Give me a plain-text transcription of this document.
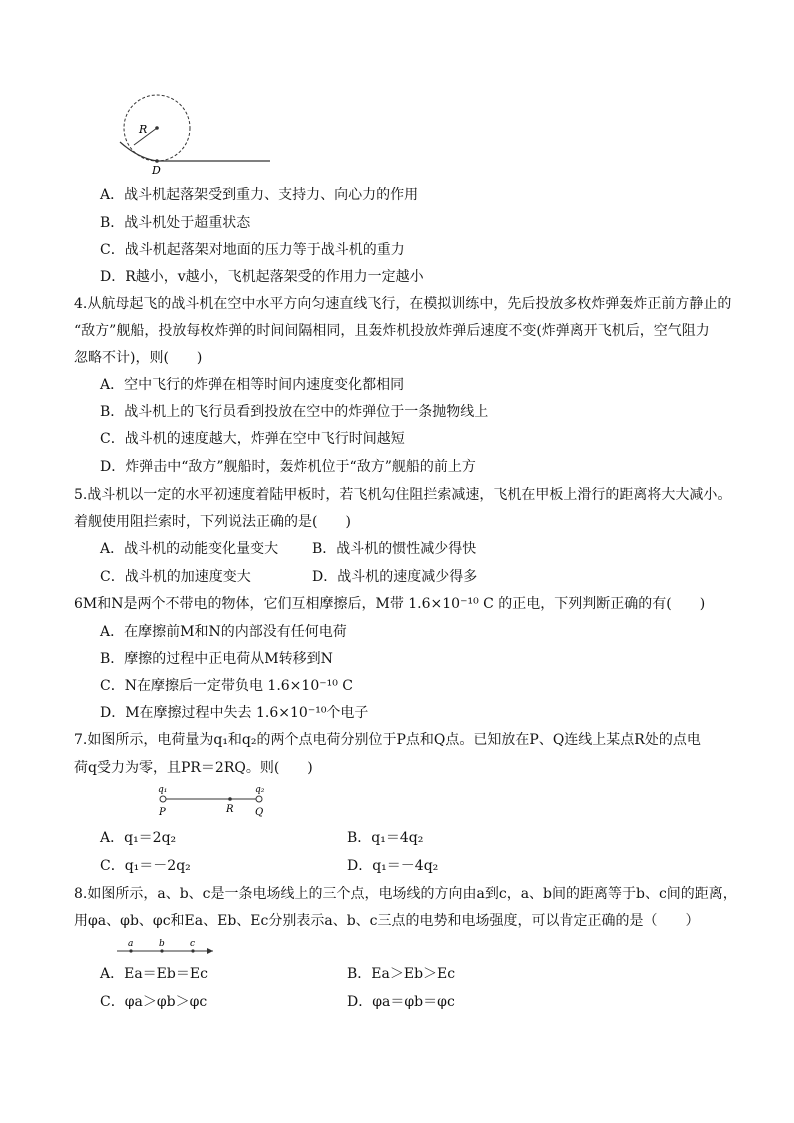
R
D
A．战斗机起落架受到重力、支持力、向心力的作用
B．战斗机处于超重状态
C．战斗机起落架对地面的压力等于战斗机的重力
D．R越小，v越小，飞机起落架受的作用力一定越小
4.从航母起飞的战斗机在空中水平方向匀速直线飞行，在模拟训练中，先后投放多枚炸弹轰炸正前方静止的
“敌方”舰船，投放每枚炸弹的时间间隔相同，且轰炸机投放炸弹后速度不变(炸弹离开飞机后，空气阻力
忽略不计)，则(　　)
A．空中飞行的炸弹在相等时间内速度变化都相同
B．战斗机上的飞行员看到投放在空中的炸弹位于一条抛物线上
C．战斗机的速度越大，炸弹在空中飞行时间越短
D．炸弹击中“敌方”舰船时，轰炸机位于“敌方”舰船的前上方
5.战斗机以一定的水平初速度着陆甲板时，若飞机勾住阻拦索减速，飞机在甲板上滑行的距离将大大减小。
着舰使用阻拦索时，下列说法正确的是(　　)
A．战斗机的动能变化量变大 B．战斗机的惯性减少得快
C．战斗机的加速度变大	D．战斗机的速度减少得多
6M和N是两个不带电的物体，它们互相摩擦后，M带 1.6×10⁻¹⁰ C 的正电，下列判断正确的有(　　)
A．在摩擦前M和N的内部没有任何电荷
B．摩擦的过程中正电荷从M转移到N
C．N在摩擦后一定带负电 1.6×10⁻¹⁰ C
D．M在摩擦过程中失去 1.6×10⁻¹⁰个电子
7.如图所示，电荷量为q₁和q₂的两个点电荷分别位于P点和Q点。已知放在P、Q连线上某点R处的点电
荷q受力为零，且PR＝2RQ。则(　　)
q₁	q₂
P	R Q
A．q₁＝2q₂	B．q₁＝4q₂
C．q₁＝－2q₂	D．q₁＝－4q₂
8.如图所示，a、b、c是一条电场线上的三个点，电场线的方向由a到c，a、b间的距离等于b、c间的距离，
用φa、φb、φc和Ea、Eb、Ec分别表示a、b、c三点的电势和电场强度，可以肯定正确的是（　　）
a	b	c
A．Ea＝Eb＝Ec	B．Ea＞Eb＞Ec
C．φa＞φb＞φc	D．φa＝φb＝φc
